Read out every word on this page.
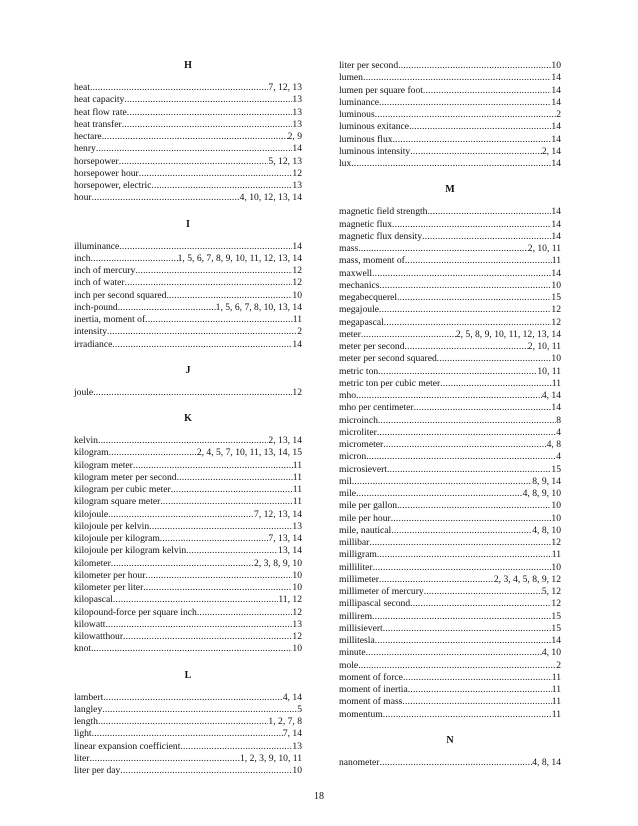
H
heat .....	7, 12, 13
heat capacity .....	13
heat flow rate .....	13
heat transfer .....	13
hectare .....	2, 9
henry .....	14
horsepower .....	5, 12, 13
horsepower hour .....	12
horsepower, electric .....	13
hour .....	4, 10, 12, 13, 14
I
illuminance .....	14
inch .....	1, 5, 6, 7, 8, 9, 10, 11, 12, 13, 14
inch of mercury .....	12
inch of water .....	12
inch per second squared .....	10
inch-pound .....	1, 5, 6, 7, 8, 10, 13, 14
inertia, moment of .....	11
intensity .....	2
irradiance .....	14
J
joule .....	12
K
kelvin .....	2, 13, 14
kilogram .....	2, 4, 5, 7, 10, 11, 13, 14, 15
kilogram meter .....	11
kilogram meter per second .....	11
kilogram per cubic meter .....	11
kilogram square meter .....	11
kilojoule .....	7, 12, 13, 14
kilojoule per kelvin .....	13
kilojoule per kilogram .....	7, 13, 14
kilojoule per kilogram kelvin .....	13, 14
kilometer .....	2, 3, 8, 9, 10
kilometer per hour .....	10
kilometer per liter .....	10
kilopascal .....	11, 12
kilopound-force per square inch .....	12
kilowatt .....	13
kilowatthour .....	12
knot .....	10
L
lambert .....	4, 14
langley .....	5
length .....	1, 2, 7, 8
light .....	7, 14
linear expansion coefficient .....	13
liter .....	1, 2, 3, 9, 10, 11
liter per day .....	10
liter per second .....	10
lumen .....	14
lumen per square foot .....	14
luminance .....	14
luminous .....	2
luminous exitance .....	14
luminous flux .....	14
luminous intensity .....	2, 14
lux .....	14
M
magnetic field strength .....	14
magnetic flux .....	14
magnetic flux density .....	14
mass .....	2, 10, 11
mass, moment of .....	11
maxwell .....	14
mechanics .....	10
megabecquerel .....	15
megajoule .....	12
megapascal .....	12
meter .....	2, 5, 8, 9, 10, 11, 12, 13, 14
meter per second .....	2, 10, 11
meter per second squared .....	10
metric ton .....	10, 11
metric ton per cubic meter .....	11
mho .....	4, 14
mho per centimeter .....	14
microinch .....	8
microliter .....	4
micrometer .....	4, 8
micron .....	4
microsievert .....	15
mil .....	8, 9, 14
mile .....	4, 8, 9, 10
mile per gallon .....	10
mile per hour .....	10
mile, nautical .....	4, 8, 10
millibar .....	12
milligram .....	11
milliliter .....	10
millimeter .....	2, 3, 4, 5, 8, 9, 12
millimeter of mercury .....	5, 12
millipascal second .....	12
millirem .....	15
millisievert .....	15
millitesla .....	14
minute .....	4, 10
mole .....	2
moment of force .....	11
moment of inertia .....	11
moment of mass .....	11
momentum .....	11
N
nanometer .....	4, 8, 14
18
